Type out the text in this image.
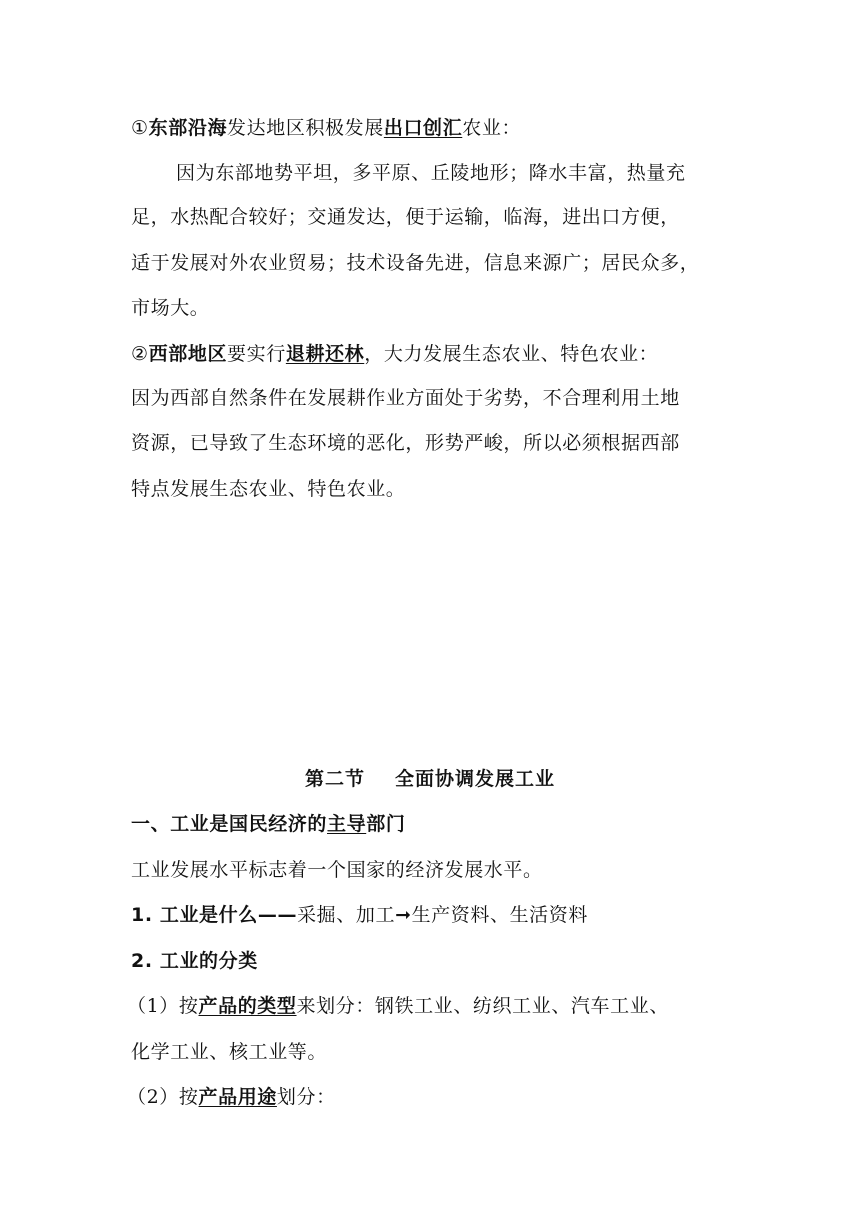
①东部沿海发达地区积极发展出口创汇农业：
因为东部地势平坦，多平原、丘陵地形；降水丰富，热量充
足，水热配合较好；交通发达，便于运输，临海，进出口方便，
适于发展对外农业贸易；技术设备先进，信息来源广；居民众多，
市场大。
②西部地区要实行退耕还林，大力发展生态农业、特色农业：
因为西部自然条件在发展耕作业方面处于劣势，不合理利用土地
资源，已导致了生态环境的恶化，形势严峻，所以必须根据西部
特点发展生态农业、特色农业。
第二节 全面协调发展工业
一、工业是国民经济的主导部门
工业发展水平标志着一个国家的经济发展水平。
1. 工业是什么——采掘、加工➞生产资料、生活资料
2. 工业的分类
（1）按产品的类型来划分：钢铁工业、纺织工业、汽车工业、
化学工业、核工业等。
（2）按产品用途划分：
